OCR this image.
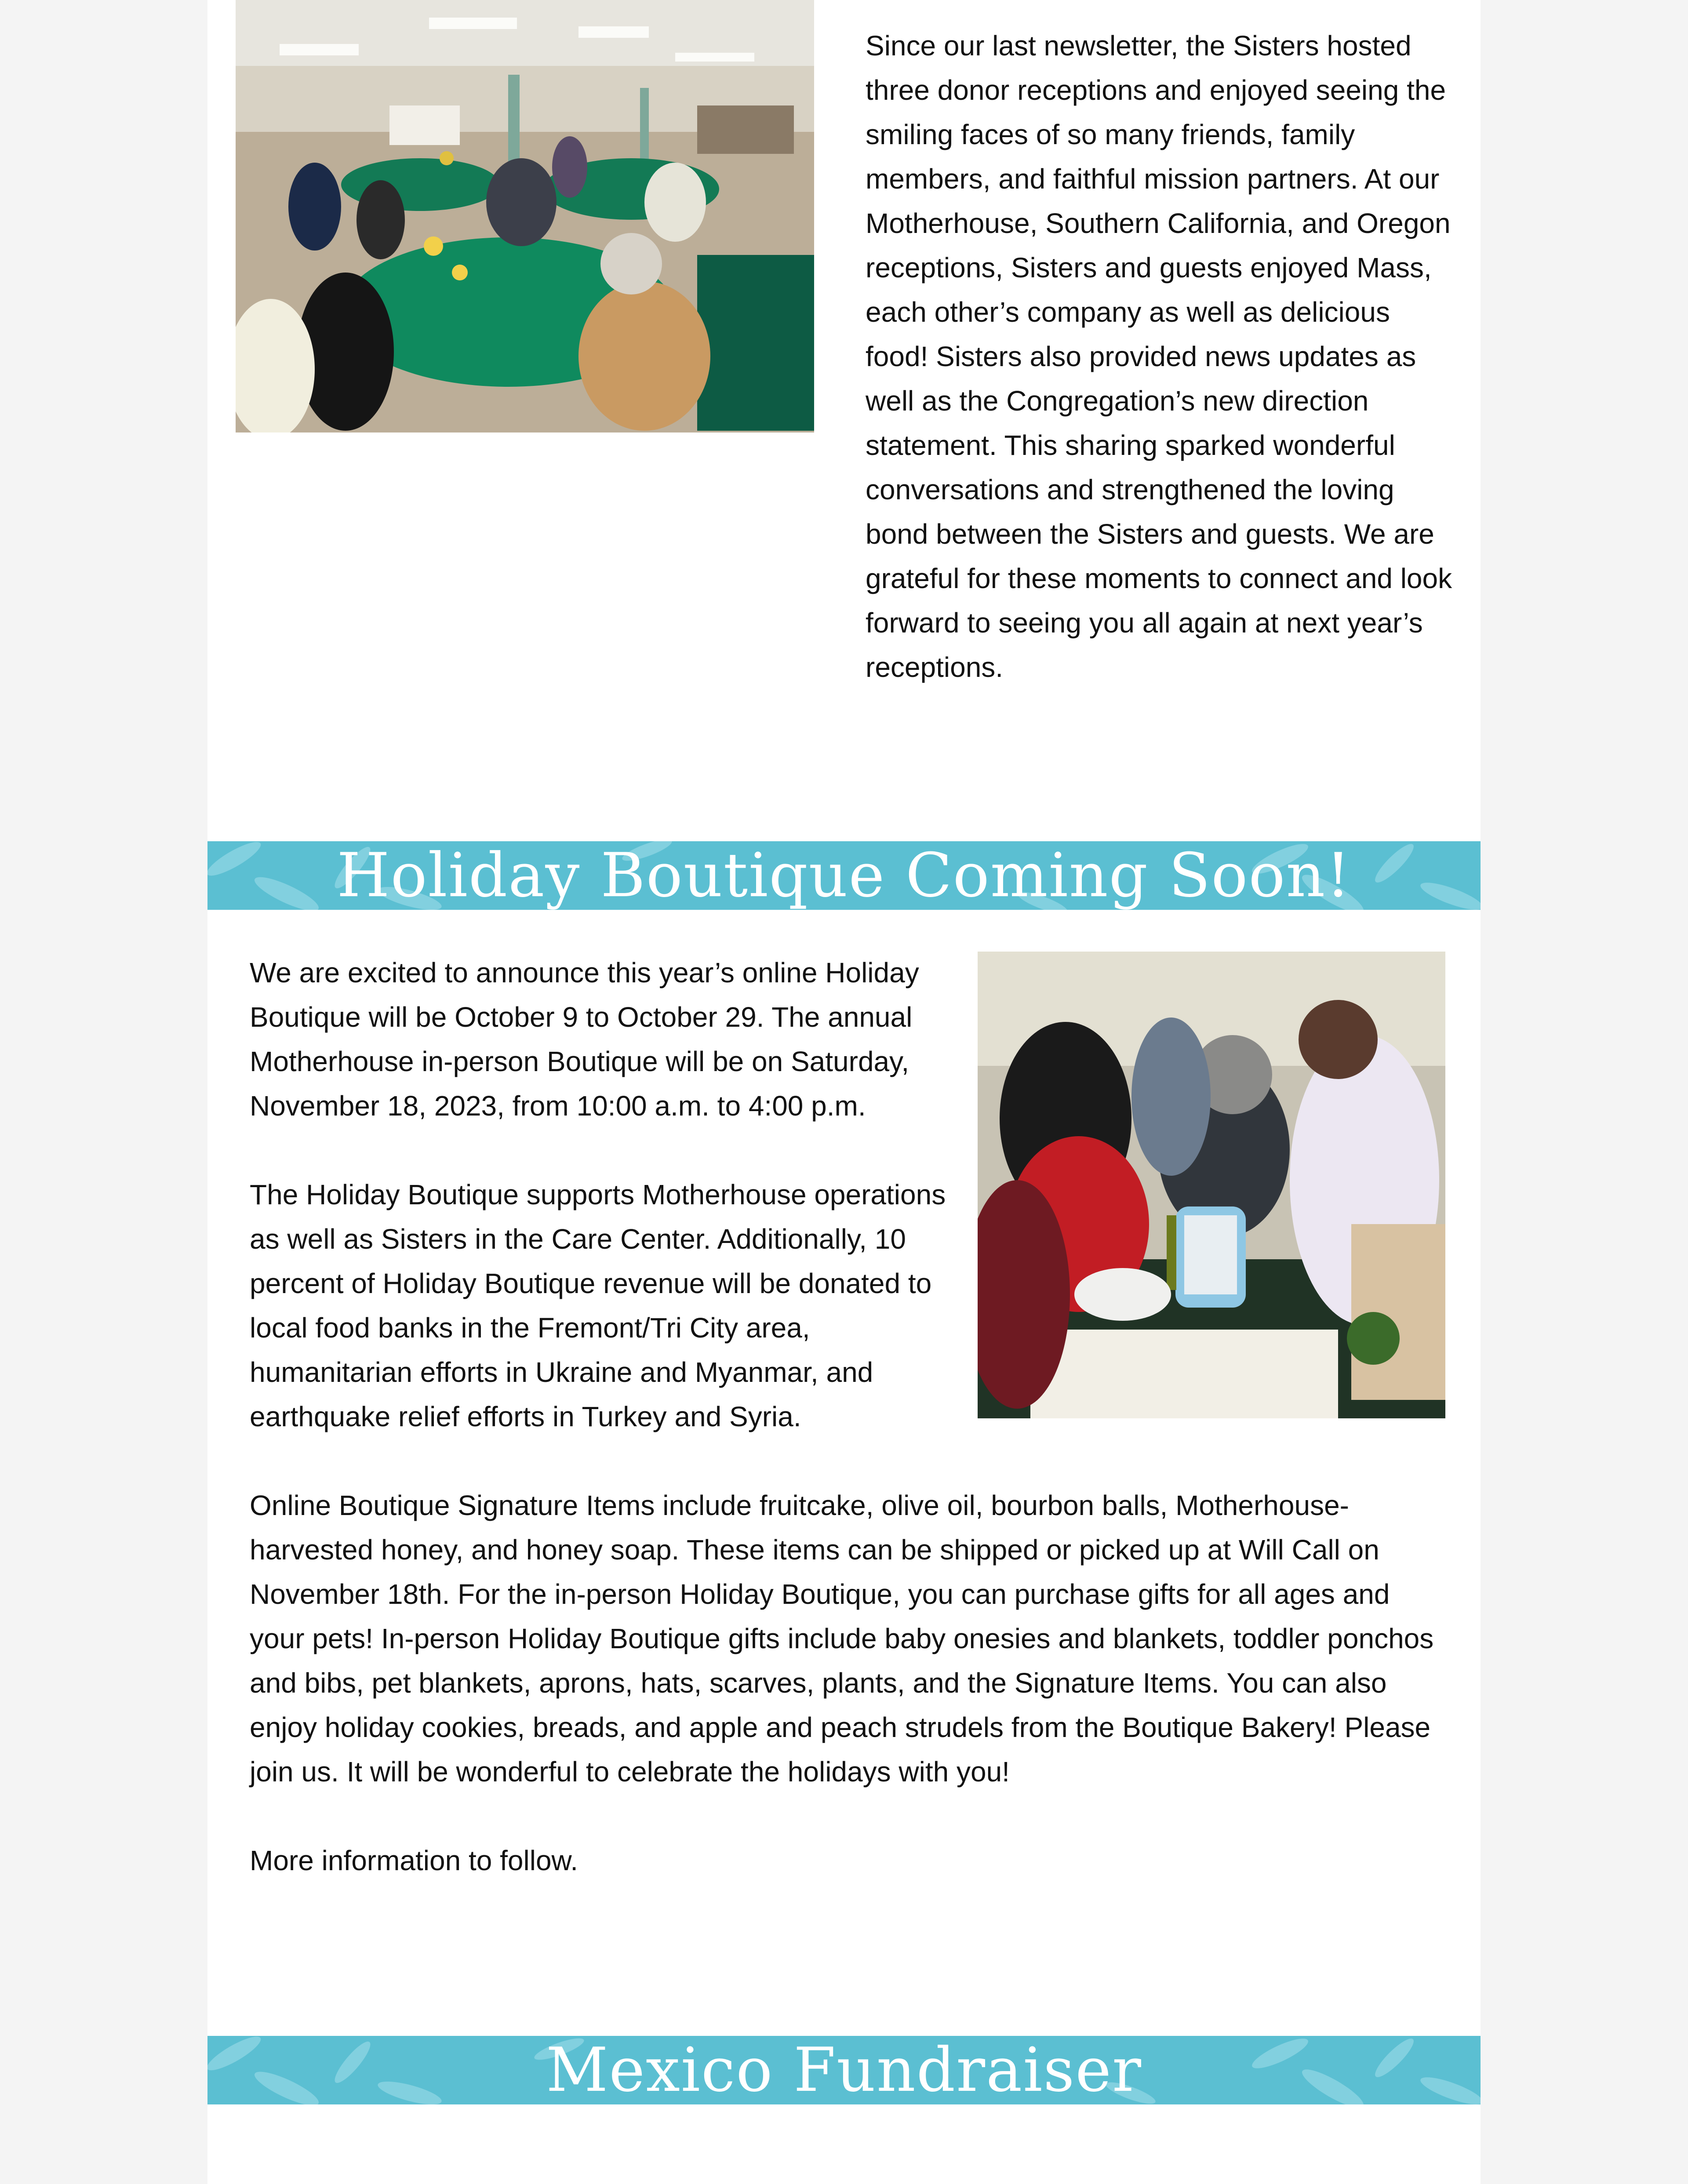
Since our last newsletter, the Sisters hosted three donor receptions and enjoyed seeing the smiling faces of so many friends, family members, and faithful mission partners. At our Motherhouse, Southern California, and Oregon receptions, Sisters and guests enjoyed Mass, each other’s company as well as delicious food! Sisters also provided news updates as well as the Congregation’s new direction statement. This sharing sparked wonderful conversations and strengthened the loving bond between the Sisters and guests. We are grateful for these moments to connect and look forward to seeing you all again at next year’s receptions.

Holiday Boutique Coming Soon!

We are excited to announce this year’s online Holiday Boutique will be October 9 to October 29. The annual Motherhouse in-person Boutique will be on Saturday, November 18, 2023, from 10:00 a.m. to 4:00 p.m.

The Holiday Boutique supports Motherhouse operations as well as Sisters in the Care Center. Additionally, 10 percent of Holiday Boutique revenue will be donated to local food banks in the Fremont/Tri City area, humanitarian efforts in Ukraine and Myanmar, and earthquake relief efforts in Turkey and Syria.

Online Boutique Signature Items include fruitcake, olive oil, bourbon balls, Motherhouse-harvested honey, and honey soap. These items can be shipped or picked up at Will Call on November 18th. For the in-person Holiday Boutique, you can purchase gifts for all ages and your pets! In-person Holiday Boutique gifts include baby onesies and blankets, toddler ponchos and bibs, pet blankets, aprons, hats, scarves, plants, and the Signature Items. You can also enjoy holiday cookies, breads, and apple and peach strudels from the Boutique Bakery! Please join us. It will be wonderful to celebrate the holidays with you!

More information to follow.

Mexico Fundraiser
